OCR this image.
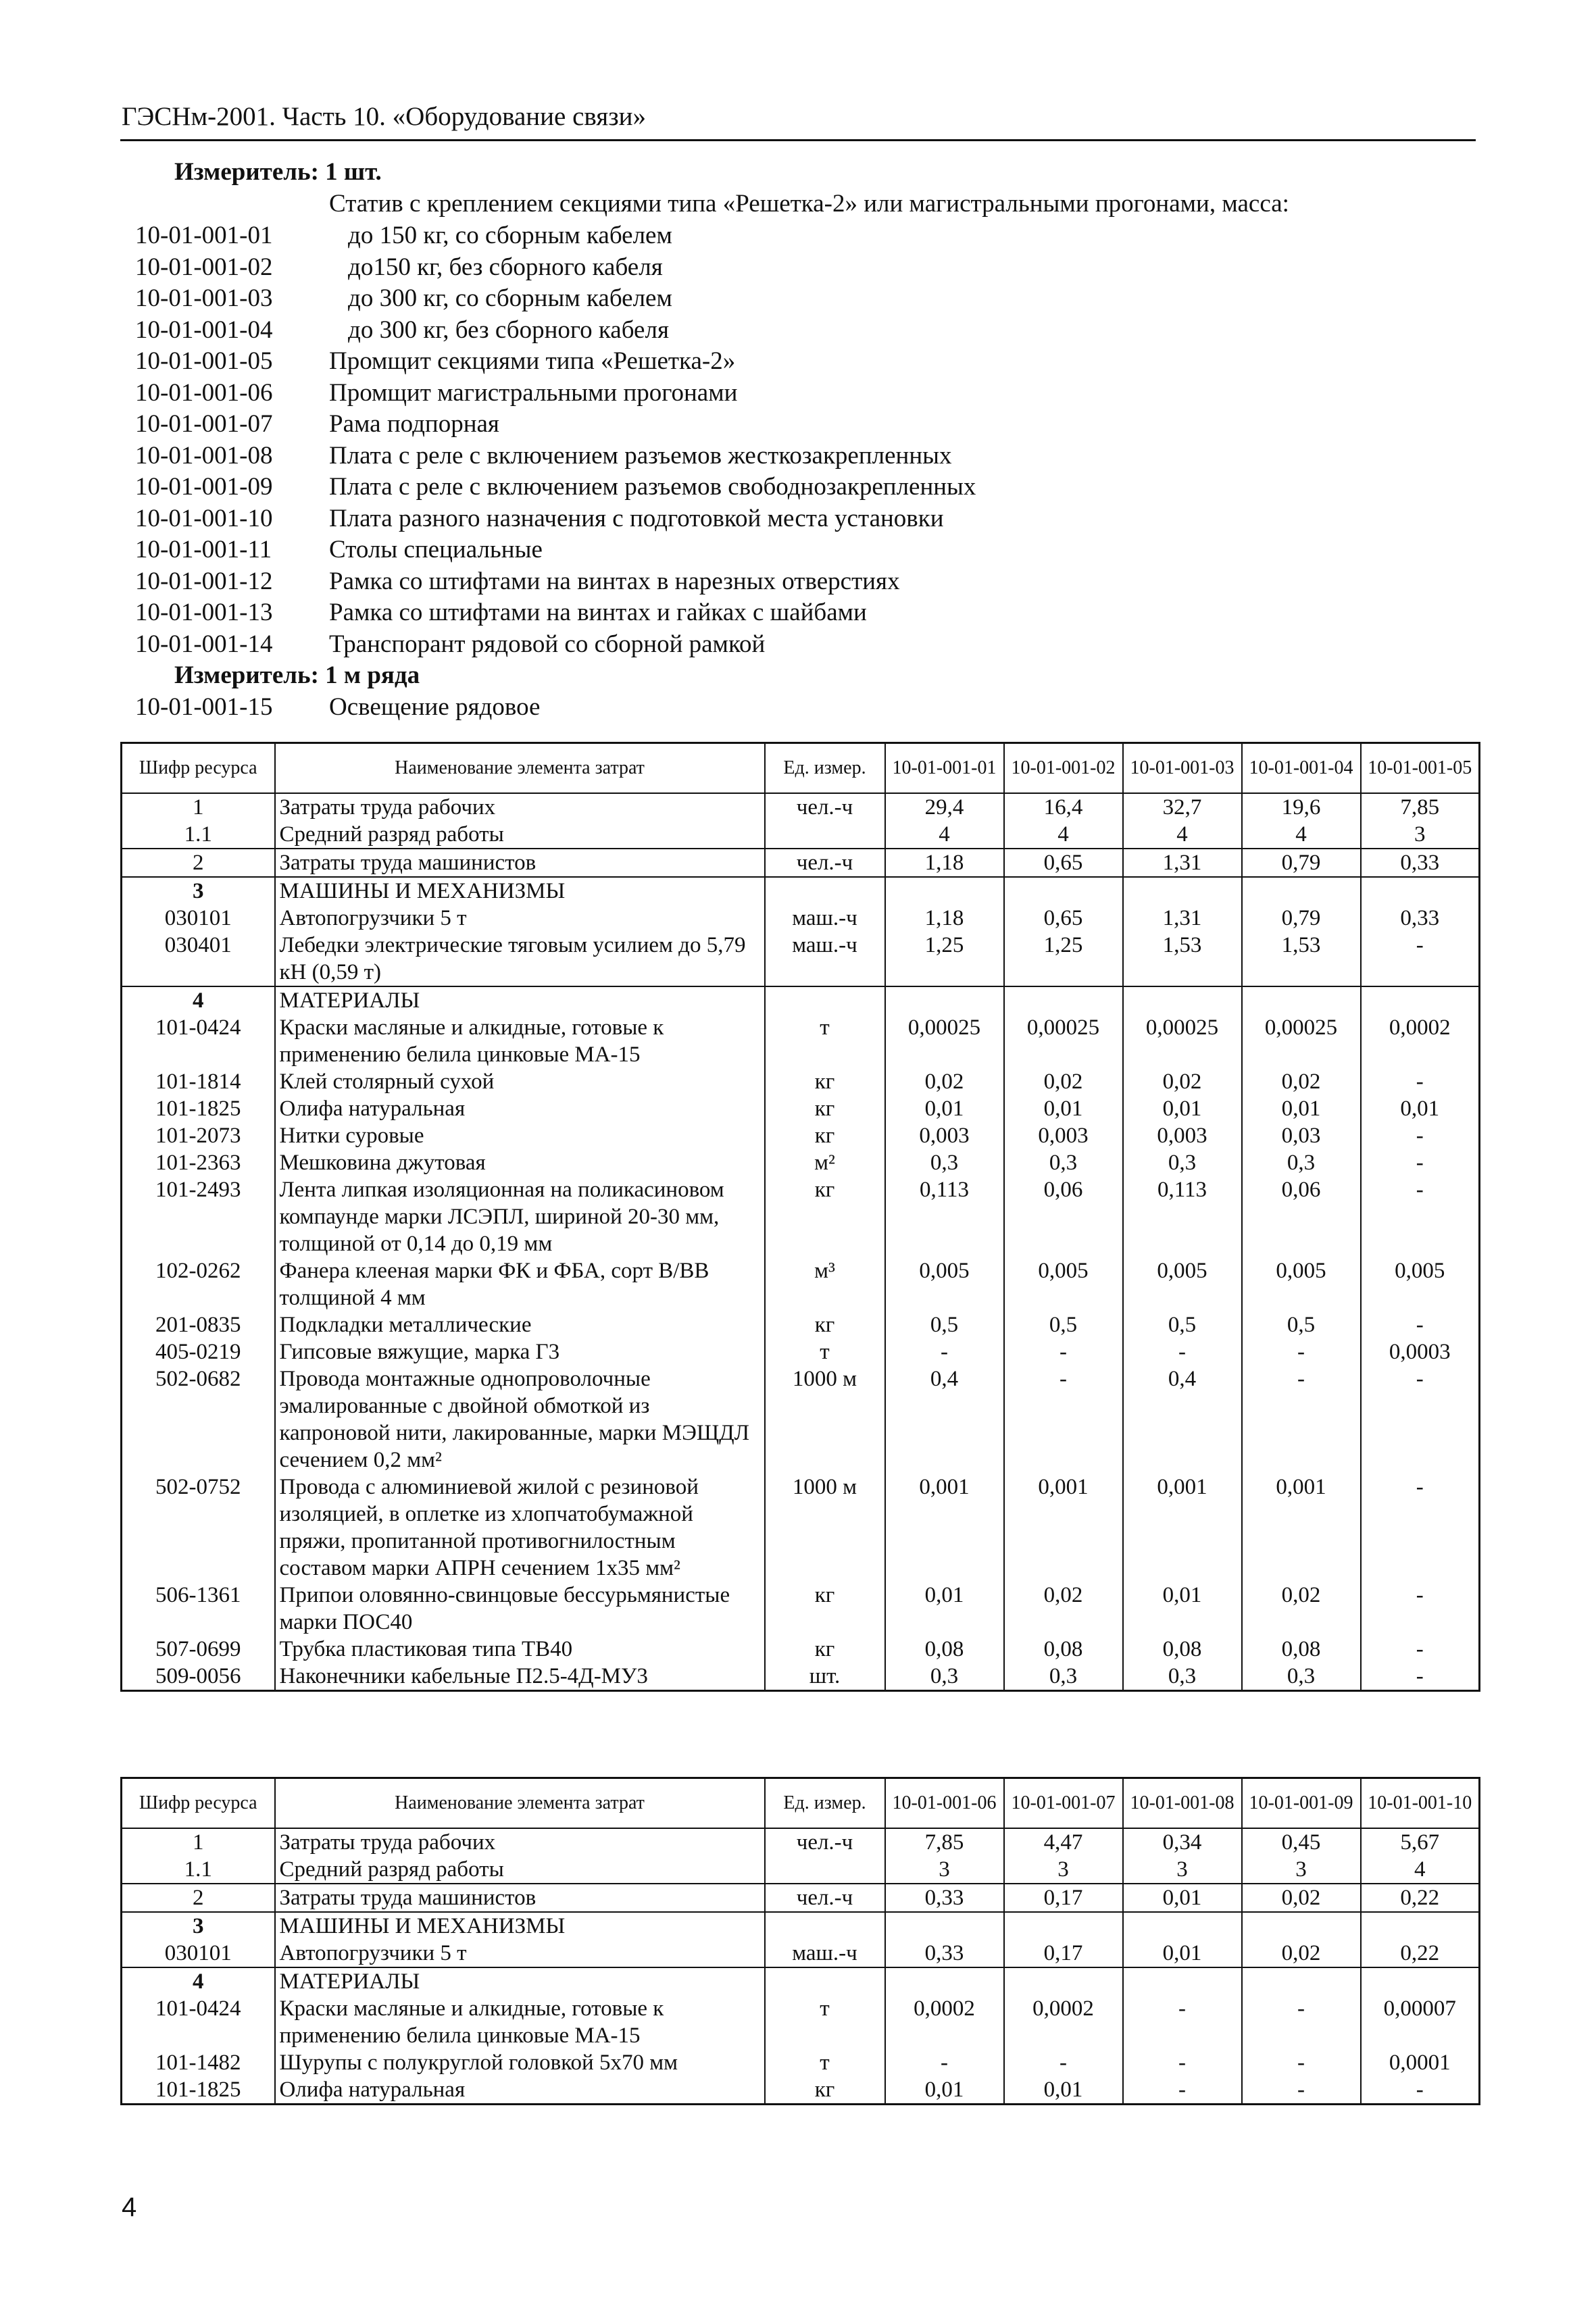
ГЭСНм-2001. Часть 10. «Оборудование связи»
Измеритель: 1 шт.
Статив с креплением секциями типа «Решетка-2» или магистральными прогонами, масса:
10-01-001-01	до 150 кг, со сборным кабелем
10-01-001-02	до150 кг, без сборного кабеля
10-01-001-03	до 300 кг, со сборным кабелем
10-01-001-04	до 300 кг, без сборного кабеля
10-01-001-05 Промщит секциями типа «Решетка-2»
10-01-001-06 Промщит магистральными прогонами
10-01-001-07 Рама подпорная
10-01-001-08 Плата с реле с включением разъемов жесткозакрепленных
10-01-001-09 Плата с реле с включением разъемов свободнозакрепленных
10-01-001-10 Плата разного назначения с подготовкой места установки
10-01-001-11 Столы специальные
10-01-001-12 Рамка со штифтами на винтах в нарезных отверстиях
10-01-001-13 Рамка со штифтами на винтах и гайках с шайбами
10-01-001-14 Транспорант рядовой со сборной рамкой
Измеритель: 1 м ряда
10-01-001-15 Освещение рядовое
Шифр ресурса	Наименование элемента затрат	Ед. измер.	10-01-001-01	10-01-001-02	10-01-001-03	10-01-001-04	10-01-001-05
1	Затраты труда рабочих	чел.-ч	29,4	16,4	32,7	19,6	7,85
1.1	Средний разряд работы		4	4	4	4	3
2	Затраты труда машинистов	чел.-ч	1,18	0,65	1,31	0,79	0,33
3	МАШИНЫ И МЕХАНИЗМЫ						
030101	Автопогрузчики 5 т	маш.-ч	1,18	0,65	1,31	0,79	0,33
030401	Лебедки электрические тяговым усилием до 5,79 кН (0,59 т)	маш.-ч	1,25	1,25	1,53	1,53	-
4	МАТЕРИАЛЫ						
101-0424	Краски масляные и алкидные, готовые к применению белила цинковые МА-15	т	0,00025	0,00025	0,00025	0,00025	0,0002
101-1814	Клей столярный сухой	кг	0,02	0,02	0,02	0,02	-
101-1825	Олифа натуральная	кг	0,01	0,01	0,01	0,01	0,01
101-2073	Нитки суровые	кг	0,003	0,003	0,003	0,03	-
101-2363	Мешковина джутовая	м²	0,3	0,3	0,3	0,3	-
101-2493	Лента липкая изоляционная на поликасиновом компаунде марки ЛСЭПЛ, шириной 20-30 мм, толщиной от 0,14 до 0,19 мм	кг	0,113	0,06	0,113	0,06	-
102-0262	Фанера клееная марки ФК и ФБА, сорт В/ВВ толщиной 4 мм	м³	0,005	0,005	0,005	0,005	0,005
201-0835	Подкладки металлические	кг	0,5	0,5	0,5	0,5	-
405-0219	Гипсовые вяжущие, марка Г3	т	-	-	-	-	0,0003
502-0682	Провода монтажные однопроволочные эмалированные с двойной обмоткой из капроновой нити, лакированные, марки МЭЩДЛ сечением 0,2 мм²	1000 м	0,4	-	0,4	-	-
502-0752	Провода с алюминиевой жилой с резиновой изоляцией, в оплетке из хлопчатобумажной пряжи, пропитанной противогнилостным составом марки АПРН сечением 1х35 мм²	1000 м	0,001	0,001	0,001	0,001	-
506-1361	Припои оловянно-свинцовые бессурьмянистые марки ПОС40	кг	0,01	0,02	0,01	0,02	-
507-0699	Трубка пластиковая типа ТВ40	кг	0,08	0,08	0,08	0,08	-
509-0056	Наконечники кабельные П2.5-4Д-МУ3	шт.	0,3	0,3	0,3	0,3	-
Шифр ресурса	Наименование элемента затрат	Ед. измер.	10-01-001-06	10-01-001-07	10-01-001-08	10-01-001-09	10-01-001-10
1	Затраты труда рабочих	чел.-ч	7,85	4,47	0,34	0,45	5,67
1.1	Средний разряд работы		3	3	3	3	4
2	Затраты труда машинистов	чел.-ч	0,33	0,17	0,01	0,02	0,22
3	МАШИНЫ И МЕХАНИЗМЫ						
030101	Автопогрузчики 5 т	маш.-ч	0,33	0,17	0,01	0,02	0,22
4	МАТЕРИАЛЫ						
101-0424	Краски масляные и алкидные, готовые к применению белила цинковые МА-15	т	0,0002	0,0002	-	-	0,00007
101-1482	Шурупы с полукруглой головкой 5х70 мм	т	-	-	-	-	0,0001
101-1825	Олифа натуральная	кг	0,01	0,01	-	-	-
4
